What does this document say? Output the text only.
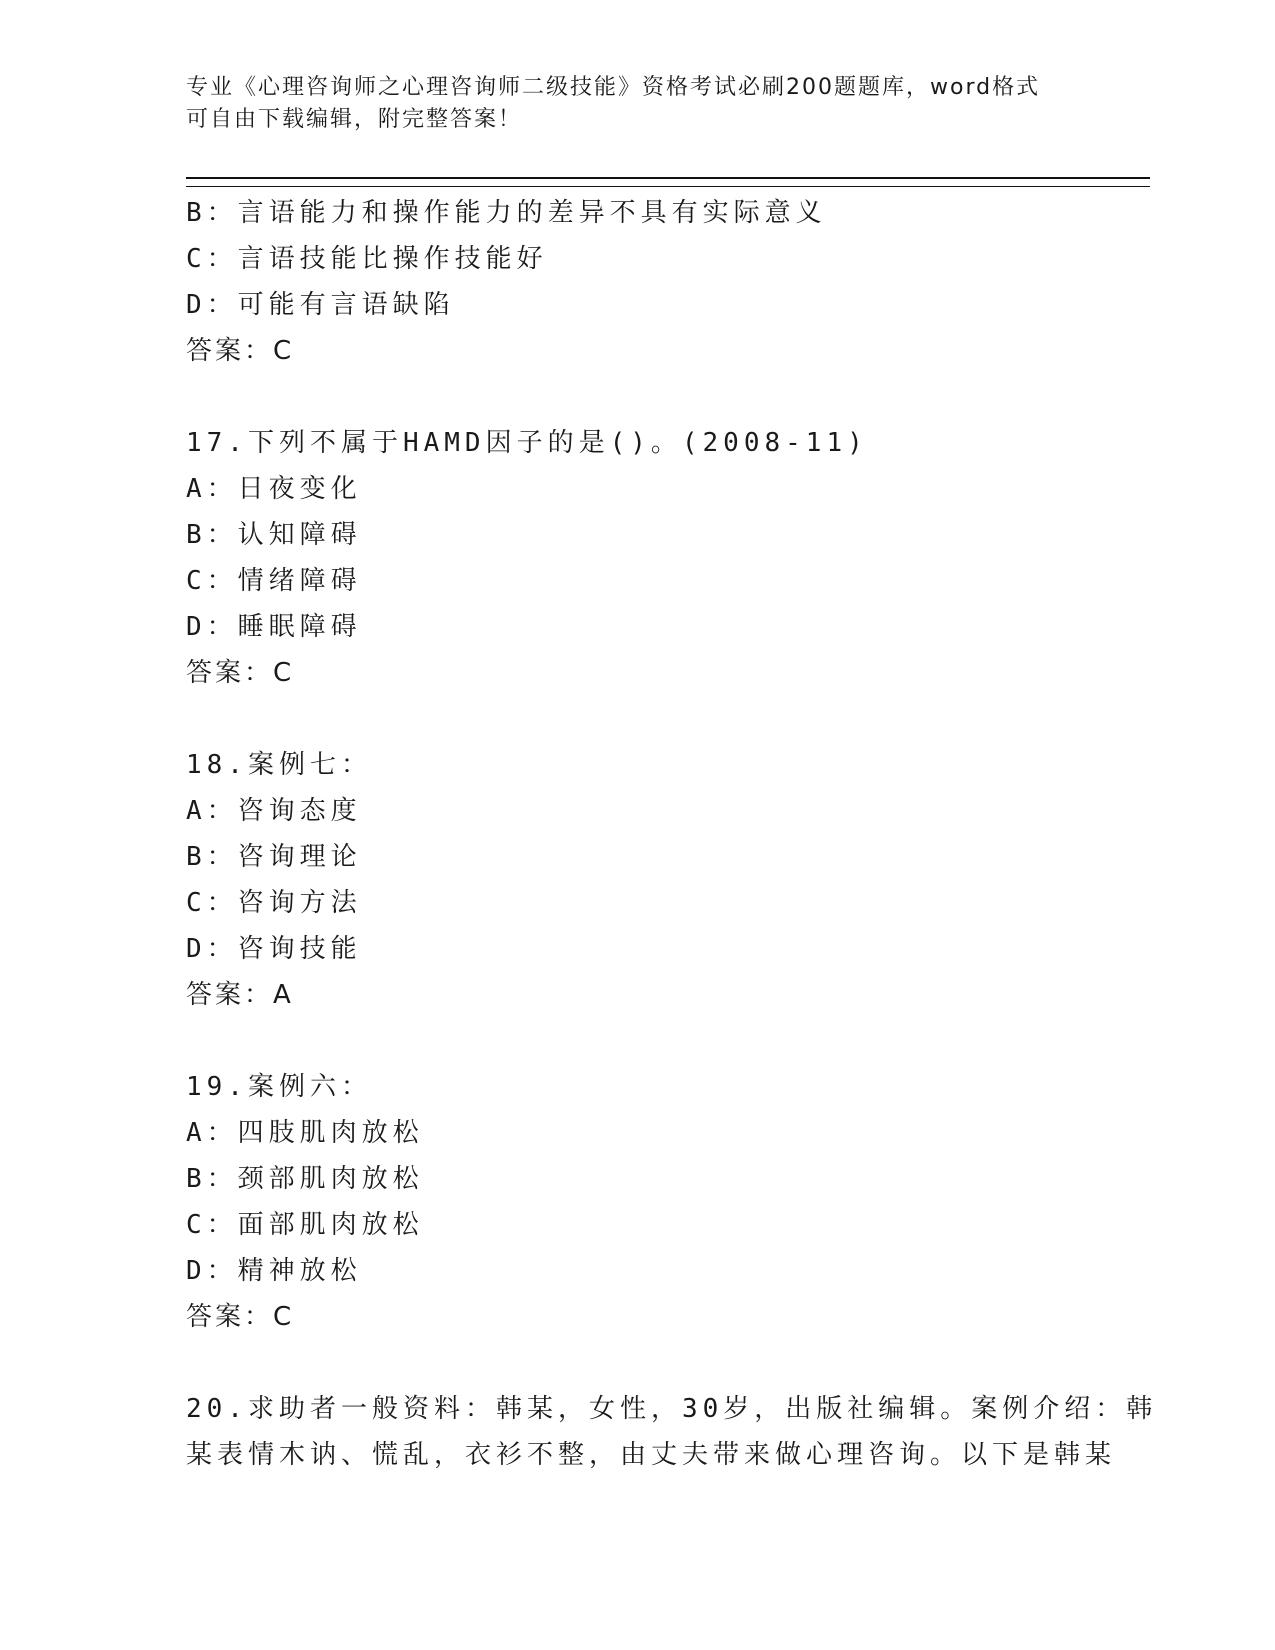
专业《心理咨询师之心理咨询师二级技能》资格考试必刷200题题库，word格式
可自由下载编辑，附完整答案！
B：言语能力和操作能力的差异不具有实际意义
C：言语技能比操作技能好
D：可能有言语缺陷
答案：C
17.下列不属于HAMD因子的是()。(2008-11)
A：日夜变化
B：认知障碍
C：情绪障碍
D：睡眠障碍
答案：C
18.案例七：
A：咨询态度
B：咨询理论
C：咨询方法
D：咨询技能
答案：A
19.案例六：
A：四肢肌肉放松
B：颈部肌肉放松
C：面部肌肉放松
D：精神放松
答案：C
20.求助者一般资料：韩某，女性，30岁，出版社编辑。案例介绍：韩
某表情木讷、慌乱，衣衫不整，由丈夫带来做心理咨询。以下是韩某
